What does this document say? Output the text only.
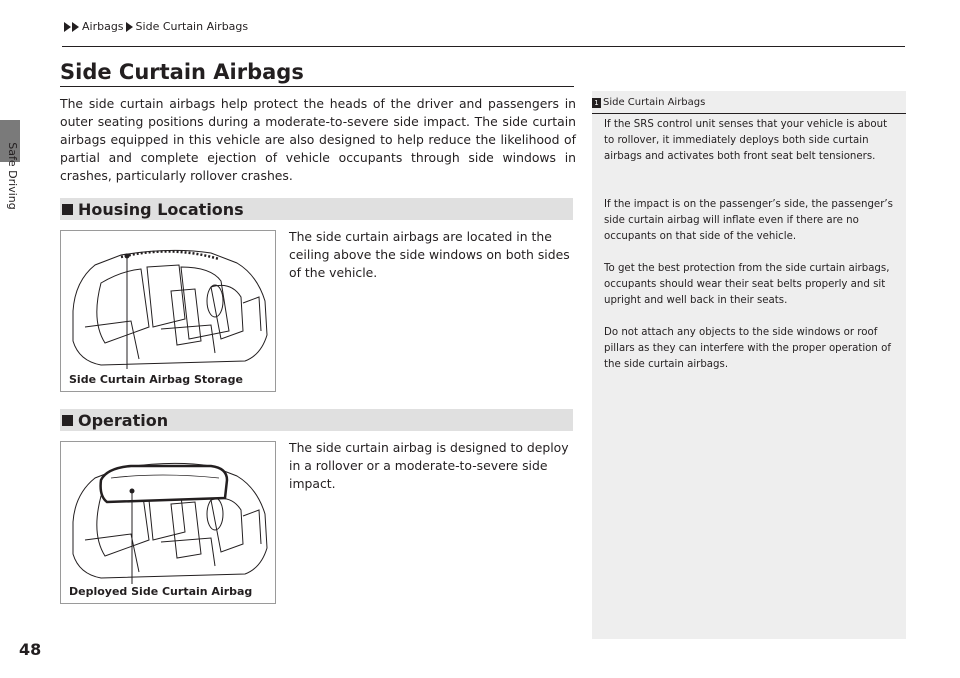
Safe Driving
48
Airbags Side Curtain Airbags
Side Curtain Airbags
The side curtain airbags help protect the heads of the driver and passengers in outer seating positions during a moderate-to-severe side impact. The side curtain airbags equipped in this vehicle are also designed to help reduce the likelihood of partial and complete ejection of vehicle occupants through side windows in crashes, particularly rollover crashes.
Housing Locations
Side Curtain Airbag Storage
The side curtain airbags are located in the ceiling above the side windows on both sides of the vehicle.
Operation
Deployed Side Curtain Airbag
The side curtain airbag is designed to deploy in a rollover or a moderate-to-severe side impact.
1 Side Curtain Airbags
If the SRS control unit senses that your vehicle is about to rollover, it immediately deploys both side curtain airbags and activates both front seat belt tensioners.
If the impact is on the passenger’s side, the passenger’s side curtain airbag will inflate even if there are no occupants on that side of the vehicle.
To get the best protection from the side curtain airbags, occupants should wear their seat belts properly and sit upright and well back in their seats.
Do not attach any objects to the side windows or roof pillars as they can interfere with the proper operation of the side curtain airbags.
